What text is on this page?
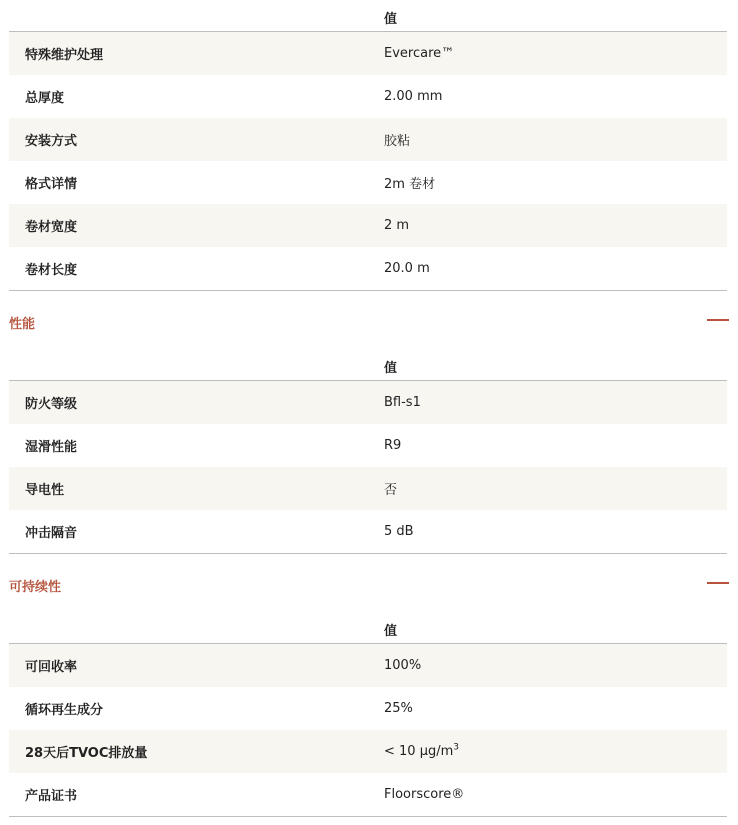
值
特殊维护处理	Evercare™
总厚度	2.00 mm
安装方式	胶粘
格式详情	2m 卷材
卷材宽度	2 m
卷材长度	20.0 m
性能
值
防火等级	Bfl-s1
湿滑性能	R9
导电性	否
冲击隔音	5 dB
可持续性
值
可回收率	100%
循环再生成分	25%
28天后TVOC排放量	< 10 $\mu g/m^3$
产品证书	Floorscore®
